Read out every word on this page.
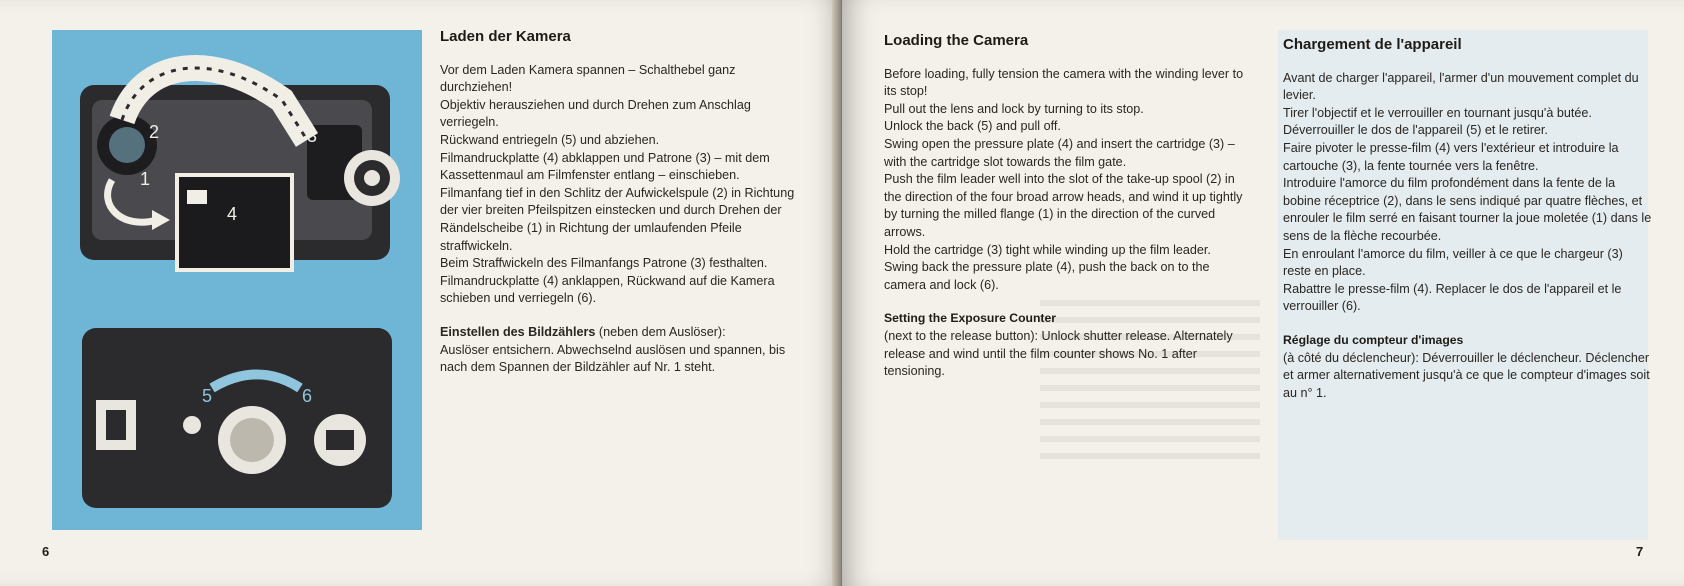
1
2	3
4
5	6
Laden der Kamera

Vor dem Laden Kamera spannen – Schalthebel ganz durchziehen!

Objektiv herausziehen und durch Drehen zum Anschlag verriegeln.

Rückwand entriegeln (5) und abziehen.

Filmandruckplatte (4) abklappen und Patrone (3) – mit dem Kassettenmaul am Filmfenster entlang – einschieben.

Filmanfang tief in den Schlitz der Aufwickelspule (2) in Richtung der vier breiten Pfeilspitzen einstecken und durch Drehen der Rändelscheibe (1) in Richtung der umlaufenden Pfeile straffwickeln.

Beim Straffwickeln des Filmanfangs Patrone (3) festhalten.

Filmandruckplatte (4) anklappen, Rückwand auf die Kamera schieben und verriegeln (6).

Einstellen des Bildzählers (neben dem Auslöser):

Auslöser entsichern. Abwechselnd auslösen und spannen, bis nach dem Spannen der Bildzähler auf Nr. 1 steht.

6
Loading the Camera

Before loading, fully tension the camera with the winding lever to its stop!

Pull out the lens and lock by turning to its stop.

Unlock the back (5) and pull off.

Swing open the pressure plate (4) and insert the cartridge (3) – with the cartridge slot towards the film gate.

Push the film leader well into the slot of the take-up spool (2) in the direction of the four broad arrow heads, and wind it up tightly by turning the milled flange (1) in the direction of the curved arrows.

Hold the cartridge (3) tight while winding up the film leader.

Swing back the pressure plate (4), push the back on to the camera and lock (6).

Setting the Exposure Counter

(next to the release button): Unlock shutter release. Alternately release and wind until the film counter shows No. 1 after tensioning.

Chargement de l'appareil

Avant de charger l'appareil, l'armer d'un mouvement complet du levier.

Tirer l'objectif et le verrouiller en tournant jusqu'à butée.

Déverrouiller le dos de l'appareil (5) et le retirer.

Faire pivoter le presse-film (4) vers l'extérieur et introduire la cartouche (3), la fente tournée vers la fenêtre.

Introduire l'amorce du film profondément dans la fente de la bobine réceptrice (2), dans le sens indiqué par quatre flèches, et enrouler le film serré en faisant tourner la joue moletée (1) dans le sens de la flèche recourbée.

En enroulant l'amorce du film, veiller à ce que le chargeur (3) reste en place.

Rabattre le presse-film (4). Replacer le dos de l'appareil et le verrouiller (6).

Réglage du compteur d'images

(à côté du déclencheur): Déverrouiller le déclencheur. Déclencher et armer alternativement jusqu'à ce que le compteur d'images soit au n° 1.

7
